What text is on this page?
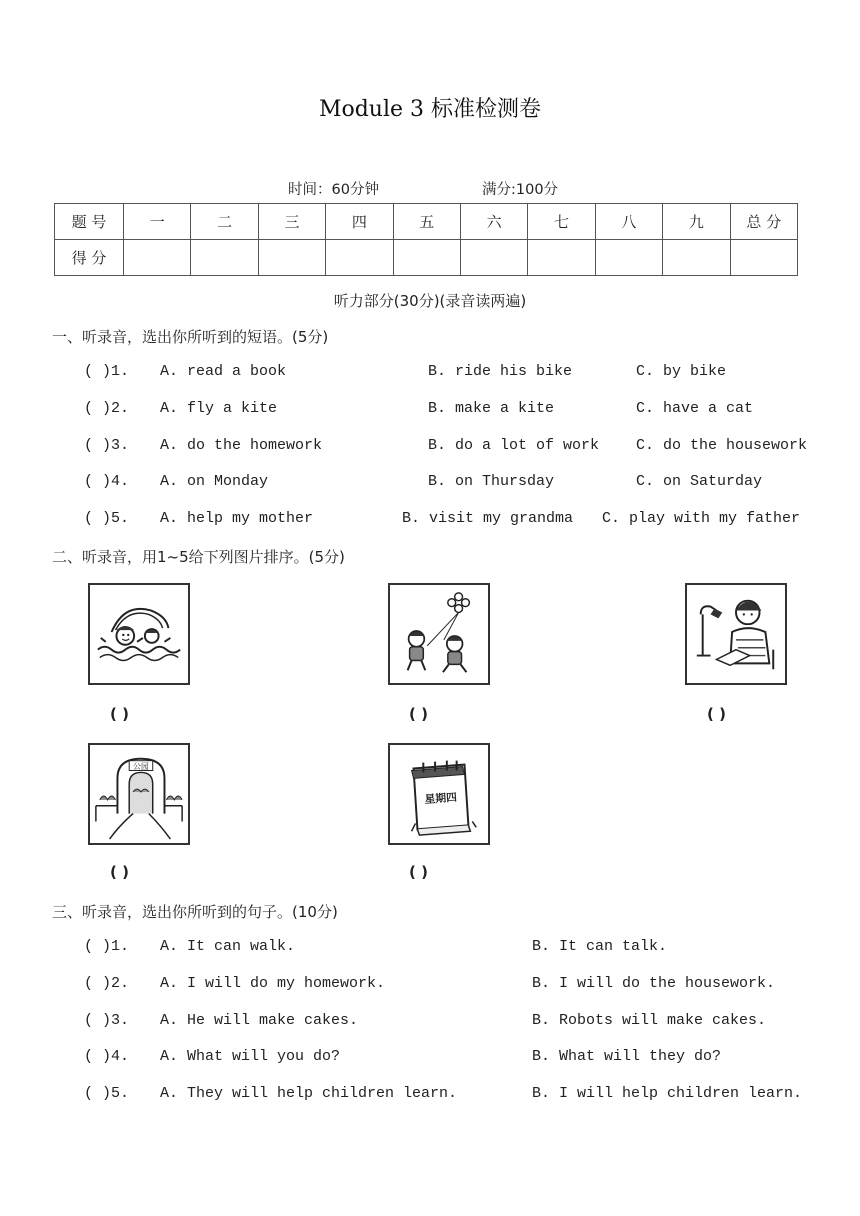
Module 3 标准检测卷
时间：60分钟	满分:100分
题 号	一	二	三	四	五	六	七	八	九	总 分
得 分										
听力部分(30分)(录音读两遍)
一、听录音，选出你所听到的短语。(5分)
( )1. A. read a book	B. ride his bike	C. by bike
( )2. A. fly a kite	B. make a kite	C. have a cat
( )3. A. do the homework	B. do a lot of work C. do the housework
( )4. A. on Monday	B. on Thursday	C. on Saturday
( )5. A. help my mother	B. visit my grandma C. play with my father
二、听录音，用1~5给下列图片排序。(5分)
( )	( )	( )
公园
( )
星期四
( )
三、听录音，选出你所听到的句子。(10分)
( )1. A. It can walk.	B. It can talk.
( )2. A. I will do my homework.	B. I will do the housework.
( )3. A. He will make cakes.	B. Robots will make cakes.
( )4. A. What will you do?	B. What will they do?
( )5. A. They will help children learn.	B. I will help children learn.
